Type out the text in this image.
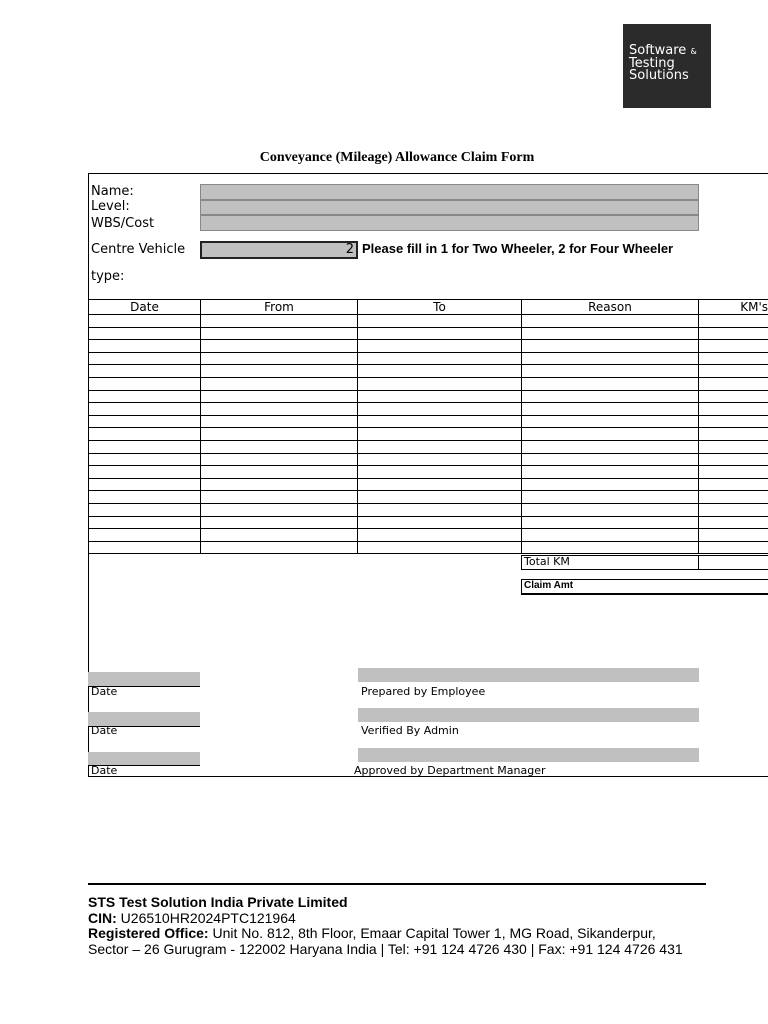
Software &
Testing
Solutions
Conveyance (Mileage) Allowance Claim Form
Name:
Level:
WBS/Cost
Centre Vehicle	2 Please fill in 1 for Two Wheeler, 2 for Four Wheeler
type:
Date	From	To	Reason	KM's

Total KM
Claim Amt
Date	Prepared by Employee
Date	Verified By Admin
Date	Approved by Department Manager
STS Test Solution India Private Limited
CIN: U26510HR2024PTC121964
Registered Office: Unit No. 812, 8th Floor, Emaar Capital Tower 1, MG Road, Sikanderpur,
Sector – 26 Gurugram - 122002 Haryana India | Tel: +91 124 4726 430 | Fax: +91 124 4726 431
